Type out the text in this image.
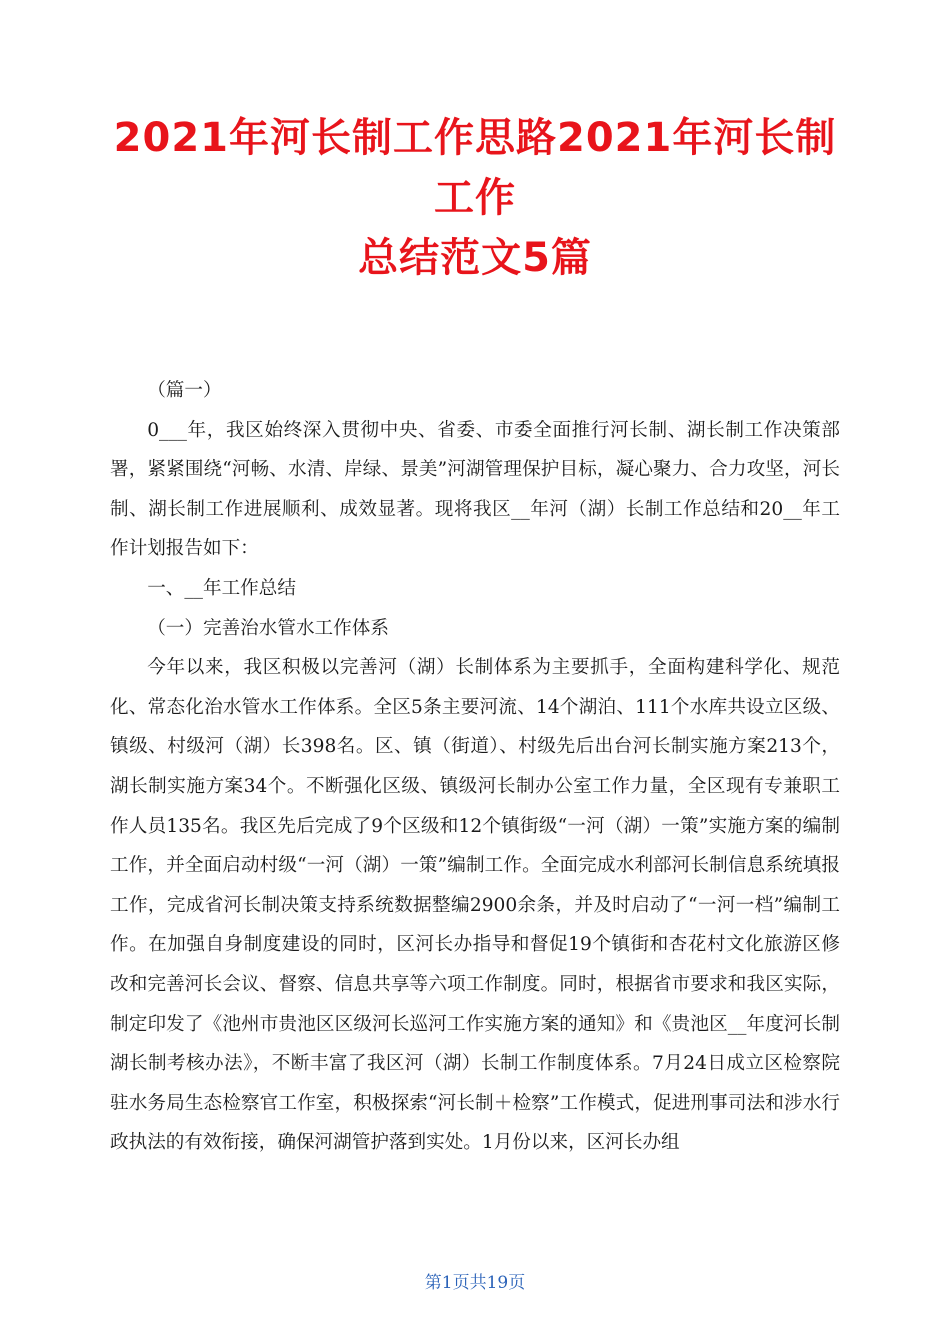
2021年河长制工作思路2021年河长制
工作
总结范文5篇

（篇一）

0___年，我区始终深入贯彻中央、省委、市委全面推行河长制、湖长制工作决策部署，紧紧围绕“河畅、水清、岸绿、景美”河湖管理保护目标，凝心聚力、合力攻坚，河长制、湖长制工作进展顺利、成效显著。现将我区__年河（湖）长制工作总结和20__年工作计划报告如下：

一、__年工作总结

（一）完善治水管水工作体系

今年以来，我区积极以完善河（湖）长制体系为主要抓手，全面构建科学化、规范化、常态化治水管水工作体系。全区5条主要河流、14个湖泊、111个水库共设立区级、镇级、村级河（湖）长398名。区、镇（街道）、村级先后出台河长制实施方案213个，湖长制实施方案34个。不断强化区级、镇级河长制办公室工作力量，全区现有专兼职工作人员135名。我区先后完成了9个区级和12个镇街级“一河（湖）一策”实施方案的编制工作，并全面启动村级“一河（湖）一策”编制工作。全面完成水利部河长制信息系统填报工作，完成省河长制决策支持系统数据整编2900余条，并及时启动了“一河一档”编制工作。在加强自身制度建设的同时，区河长办指导和督促19个镇街和杏花村文化旅游区修改和完善河长会议、督察、信息共享等六项工作制度。同时，根据省市要求和我区实际，制定印发了《池州市贵池区区级河长巡河工作实施方案的通知》和《贵池区__年度河长制湖长制考核办法》，不断丰富了我区河（湖）长制工作制度体系。7月24日成立区检察院驻水务局生态检察官工作室，积极探索“河长制＋检察”工作模式，促进刑事司法和涉水行政执法的有效衔接，确保河湖管护落到实处。1月份以来，区河长办组

第1页共19页
